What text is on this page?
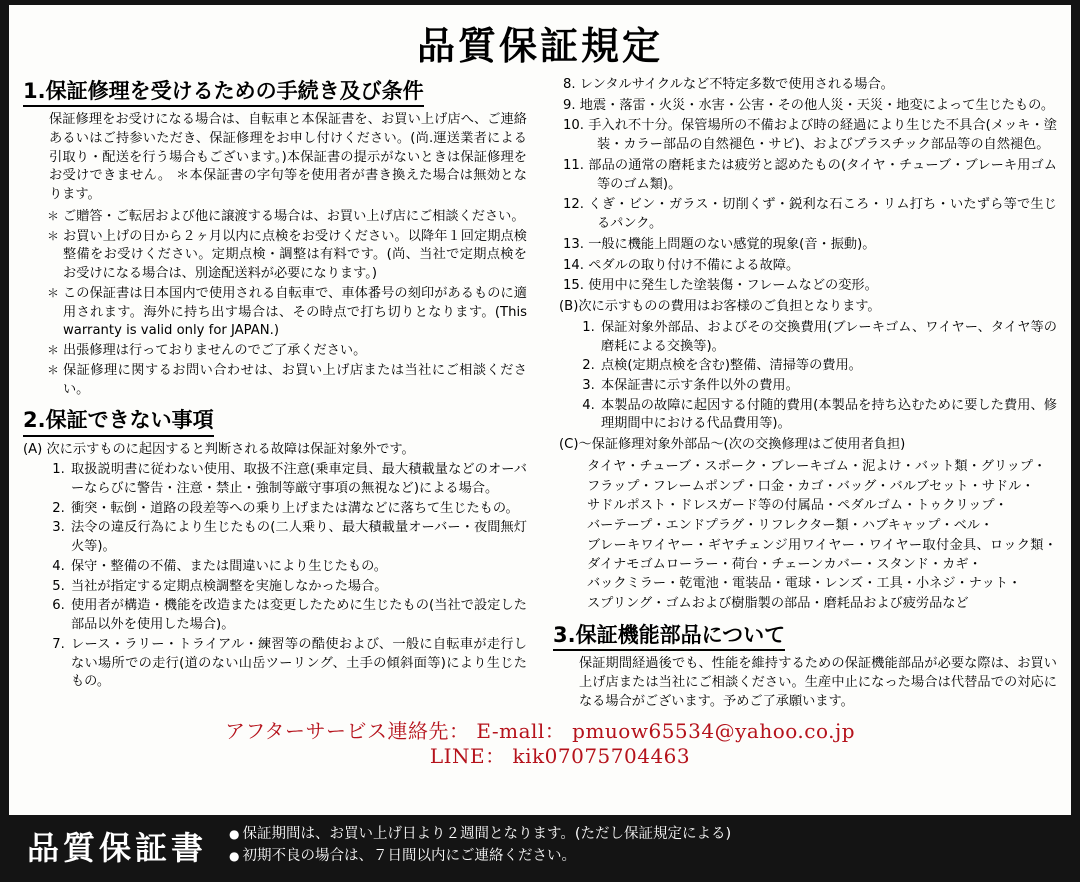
品質保証規定
1.保証修理を受けるための手続き及び条件

保証修理をお受けになる場合は、自転車と本保証書を、お買い上げ店へ、ご連絡あるいはご持参いただき、保証修理をお申し付けください。(尚.運送業者による引取り・配送を行う場合もございます。)本保証書の提示がないときは保証修理をお受けできません。 ＊本保証書の字句等を使用者が書き換えた場合は無効となります。

＊ ご贈答・ご転居および他に譲渡する場合は、お買い上げ店にご相談ください。
＊ お買い上げの日から２ヶ月以内に点検をお受けください。以降年１回定期点検整備をお受けください。定期点検・調整は有料です。(尚、当社で定期点検をお受けになる場合は、別途配送料が必要になります。)
＊ この保証書は日本国内で使用される自転車で、車体番号の刻印があるものに適用されます。海外に持ち出す場合は、その時点で打ち切りとなります。(This warranty is valid only for JAPAN.)
＊ 出張修理は行っておりませんのでご了承ください。
＊ 保証修理に関するお問い合わせは、お買い上げ店または当社にご相談ください。
2.保証できない事項

(A) 次に示すものに起因すると判断される故障は保証対象外です。

1. 取扱説明書に従わない使用、取扱不注意(乗車定員、最大積載量などのオーバーならびに警告・注意・禁止・強制等厳守事項の無視など)による場合。
2. 衝突・転倒・道路の段差等への乗り上げまたは溝などに落ちて生じたもの。
3. 法令の違反行為により生じたもの(二人乗り、最大積載量オーバー・夜間無灯火等)。
4. 保守・整備の不備、または間違いにより生じたもの。
5. 当社が指定する定期点検調整を実施しなかった場合。
6. 使用者が構造・機能を改造または変更したために生じたもの(当社で設定した部品以外を使用した場合)。
7. レース・ラリー・トライアル・練習等の酷使および、一般に自転車が走行しない場所での走行(道のない山岳ツーリング、土手の傾斜面等)により生じたもの。

8. レンタルサイクルなど不特定多数で使用される場合。

9. 地震・落雷・火災・水害・公害・その他人災・天災・地変によって生じたもの。

10. 手入れ不十分。保管場所の不備および時の経過により生じた不具合(メッキ・塗装・カラー部品の自然褪色・サビ)、およびプラスチック部品等の自然褪色。

11. 部品の通常の磨耗または疲労と認めたもの(タイヤ・チューブ・ブレーキ用ゴム等のゴム類)。

12. くぎ・ビン・ガラス・切削くず・鋭利な石ころ・リム打ち・いたずら等で生じるパンク。

13. 一般に機能上問題のない感覚的現象(音・振動)。

14. ペダルの取り付け不備による故障。

15. 使用中に発生した塗装傷・フレームなどの変形。

(B)次に示すものの費用はお客様のご負担となります。

1. 保証対象外部品、およびその交換費用(ブレーキゴム、ワイヤー、タイヤ等の磨耗による交換等)。
2. 点検(定期点検を含む)整備、清掃等の費用。
3. 本保証書に示す条件以外の費用。
4. 本製品の故障に起因する付随的費用(本製品を持ち込むために要した費用、修理期間中における代品費用等)。

(C)～保証修理対象外部品～(次の交換修理はご使用者負担)

タイヤ・チューブ・スポーク・ブレーキゴム・泥よけ・バット類・グリップ・

フラップ・フレームポンプ・口金・カゴ・バッグ・バルブセット・サドル・

サドルポスト・ドレスガード等の付属品・ペダルゴム・トゥクリップ・

バーテープ・エンドプラグ・リフレクター類・ハブキャップ・ベル・

ブレーキワイヤー・ギヤチェンジ用ワイヤー・ワイヤー取付金具、ロック類・ダイナモゴムローラー・荷台・チェーンカバー・スタンド・カギ・

バックミラー・乾電池・電装品・電球・レンズ・工具・小ネジ・ナット・

スプリング・ゴムおよび樹脂製の部品・磨耗品および疲労品など

3.保証機能部品について

保証期間経過後でも、性能を維持するための保証機能部品が必要な際は、お買い上げ店または当社にご相談ください。生産中止になった場合は代替品での対応になる場合がございます。予めご了承願います。

アフターサービス連絡先： E-mall： pmuow65534@yahoo.co.jp
LINE： kik07075704463
品質保証書	● 保証期間は、お買い上げ日より２週間となります。(ただし保証規定による)
● 初期不良の場合は、７日間以内にご連絡ください。
